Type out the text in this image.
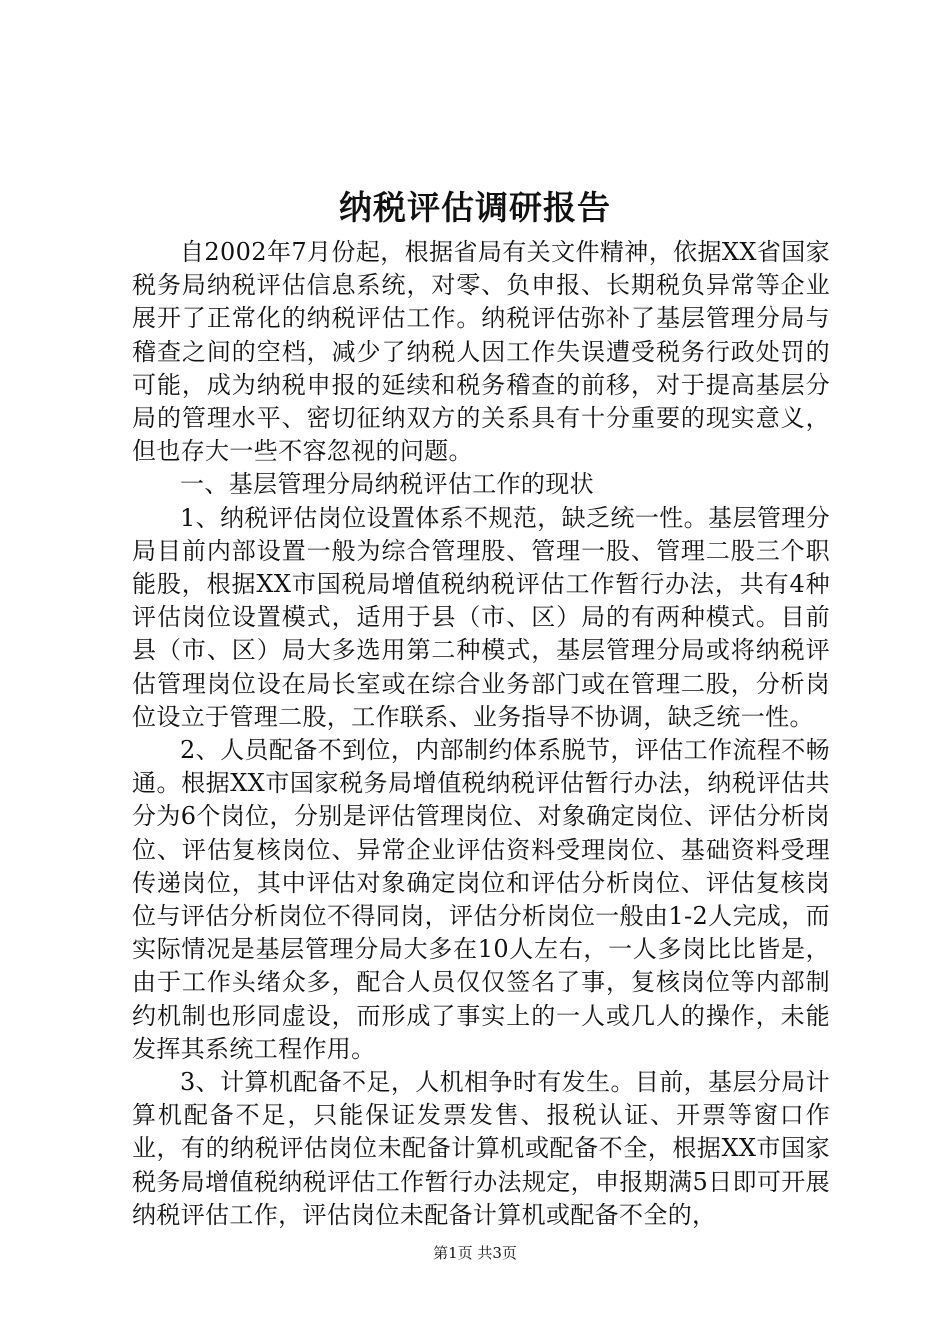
纳税评估调研报告

自2002年7月份起，根据省局有关文件精神，依据XX省国家税务局纳税评估信息系统，对零、负申报、长期税负异常等企业展开了正常化的纳税评估工作。纳税评估弥补了基层管理分局与稽查之间的空档，减少了纳税人因工作失误遭受税务行政处罚的可能，成为纳税申报的延续和税务稽查的前移，对于提高基层分局的管理水平、密切征纳双方的关系具有十分重要的现实意义，但也存大一些不容忽视的问题。

一、基层管理分局纳税评估工作的现状

1、纳税评估岗位设置体系不规范，缺乏统一性。基层管理分局目前内部设置一般为综合管理股、管理一股、管理二股三个职能股，根据XX市国税局增值税纳税评估工作暂行办法，共有4种评估岗位设置模式，适用于县（市、区）局的有两种模式。目前县（市、区）局大多选用第二种模式，基层管理分局或将纳税评估管理岗位设在局长室或在综合业务部门或在管理二股，分析岗位设立于管理二股，工作联系、业务指导不协调，缺乏统一性。

2、人员配备不到位，内部制约体系脱节，评估工作流程不畅通。根据XX市国家税务局增值税纳税评估暂行办法，纳税评估共分为6个岗位，分别是评估管理岗位、对象确定岗位、评估分析岗位、评估复核岗位、异常企业评估资料受理岗位、基础资料受理传递岗位，其中评估对象确定岗位和评估分析岗位、评估复核岗位与评估分析岗位不得同岗，评估分析岗位一般由1-2人完成，而实际情况是基层管理分局大多在10人左右，一人多岗比比皆是，由于工作头绪众多，配合人员仅仅签名了事，复核岗位等内部制约机制也形同虚设，而形成了事实上的一人或几人的操作，未能发挥其系统工程作用。

3、计算机配备不足，人机相争时有发生。目前，基层分局计算机配备不足，只能保证发票发售、报税认证、开票等窗口作业，有的纳税评估岗位未配备计算机或配备不全，根据XX市国家税务局增值税纳税评估工作暂行办法规定，申报期满5日即可开展纳税评估工作，评估岗位未配备计算机或配备不全的，

第1页 共3页
